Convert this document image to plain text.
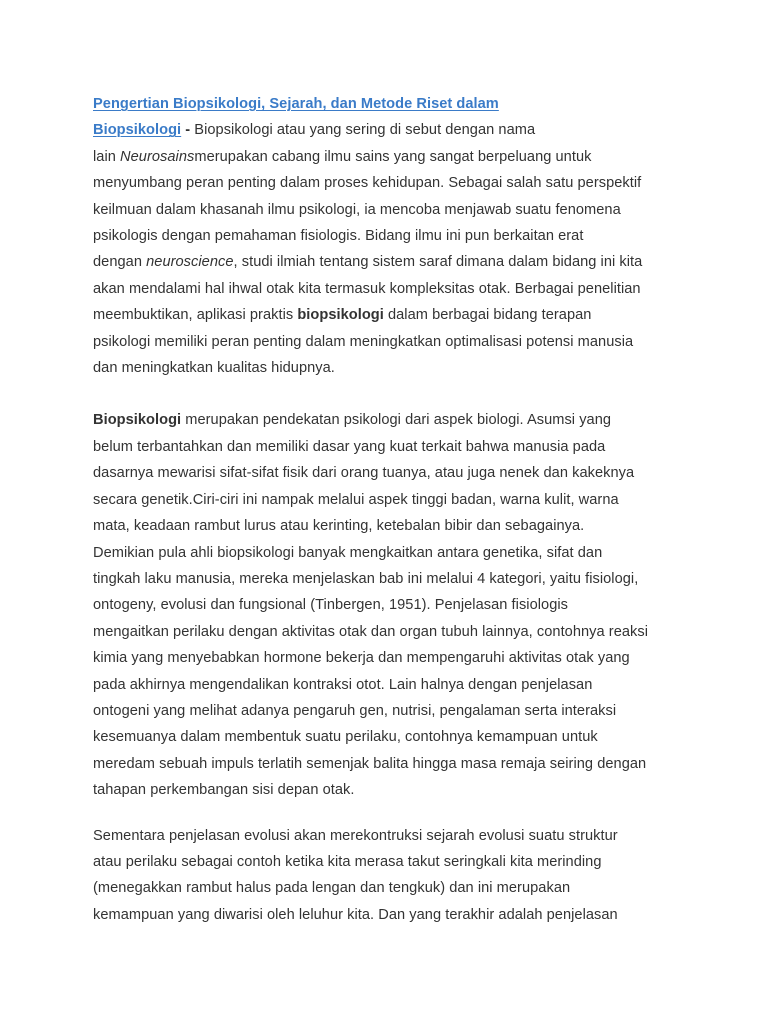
Pengertian Biopsikologi, Sejarah, dan Metode Riset dalam
Biopsikologi - Biopsikologi atau yang sering di sebut dengan nama
lain Neurosainsmerupakan cabang ilmu sains yang sangat berpeluang untuk
menyumbang peran penting dalam proses kehidupan. Sebagai salah satu perspektif
keilmuan dalam khasanah ilmu psikologi, ia mencoba menjawab suatu fenomena
psikologis dengan pemahaman fisiologis. Bidang ilmu ini pun berkaitan erat
dengan neuroscience, studi ilmiah tentang sistem saraf dimana dalam bidang ini kita
akan mendalami hal ihwal otak kita termasuk kompleksitas otak. Berbagai penelitian
meembuktikan, aplikasi praktis biopsikologi dalam berbagai bidang terapan
psikologi memiliki peran penting dalam meningkatkan optimalisasi potensi manusia
dan meningkatkan kualitas hidupnya.

Biopsikologi merupakan pendekatan psikologi dari aspek biologi. Asumsi yang
belum terbantahkan dan memiliki dasar yang kuat terkait bahwa manusia pada
dasarnya mewarisi sifat-sifat fisik dari orang tuanya, atau juga nenek dan kakeknya
secara genetik.Ciri-ciri ini nampak melalui aspek tinggi badan, warna kulit, warna
mata, keadaan rambut lurus atau kerinting, ketebalan bibir dan sebagainya.
Demikian pula ahli biopsikologi banyak mengkaitkan antara genetika, sifat dan
tingkah laku manusia, mereka menjelaskan bab ini melalui 4 kategori, yaitu fisiologi,
ontogeny, evolusi dan fungsional (Tinbergen, 1951). Penjelasan fisiologis
mengaitkan perilaku dengan aktivitas otak dan organ tubuh lainnya, contohnya reaksi
kimia yang menyebabkan hormone bekerja dan mempengaruhi aktivitas otak yang
pada akhirnya mengendalikan kontraksi otot. Lain halnya dengan penjelasan
ontogeni yang melihat adanya pengaruh gen, nutrisi, pengalaman serta interaksi
kesemuanya dalam membentuk suatu perilaku, contohnya kemampuan untuk
meredam sebuah impuls terlatih semenjak balita hingga masa remaja seiring dengan
tahapan perkembangan sisi depan otak.

Sementara penjelasan evolusi akan merekontruksi sejarah evolusi suatu struktur
atau perilaku sebagai contoh ketika kita merasa takut seringkali kita merinding
(menegakkan rambut halus pada lengan dan tengkuk) dan ini merupakan
kemampuan yang diwarisi oleh leluhur kita. Dan yang terakhir adalah penjelasan
